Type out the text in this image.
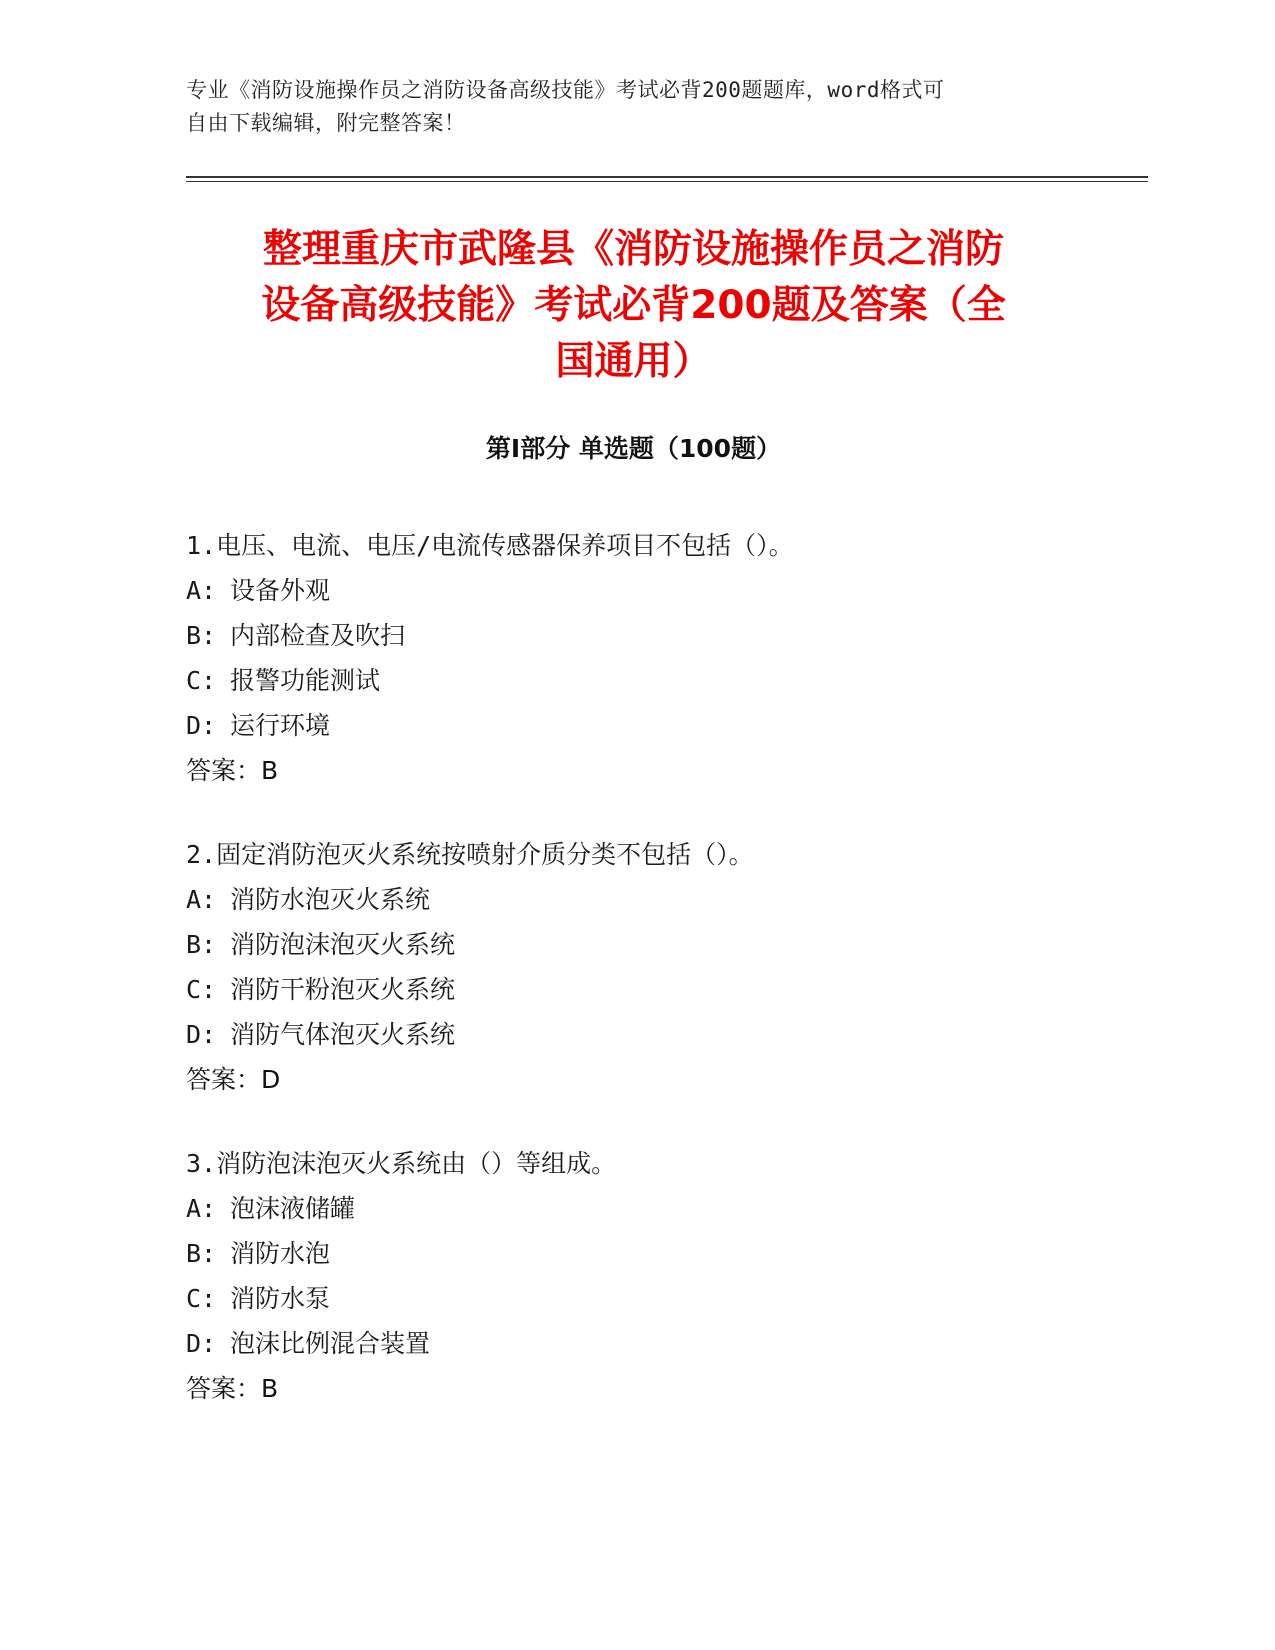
专业《消防设施操作员之消防设备高级技能》考试必背200题题库，word格式可
自由下载编辑，附完整答案！
整理重庆市武隆县《消防设施操作员之消防
设备高级技能》考试必背200题及答案（全
国通用）
第Ⅰ部分 单选题（100题）
1.电压、电流、电压/电流传感器保养项目不包括（）。
A: 设备外观
B: 内部检查及吹扫
C: 报警功能测试
D: 运行环境
答案：B
2.固定消防泡灭火系统按喷射介质分类不包括（）。
A: 消防水泡灭火系统
B: 消防泡沫泡灭火系统
C: 消防干粉泡灭火系统
D: 消防气体泡灭火系统
答案：D
3.消防泡沫泡灭火系统由（）等组成。
A: 泡沫液储罐
B: 消防水泡
C: 消防水泵
D: 泡沫比例混合装置
答案：B
